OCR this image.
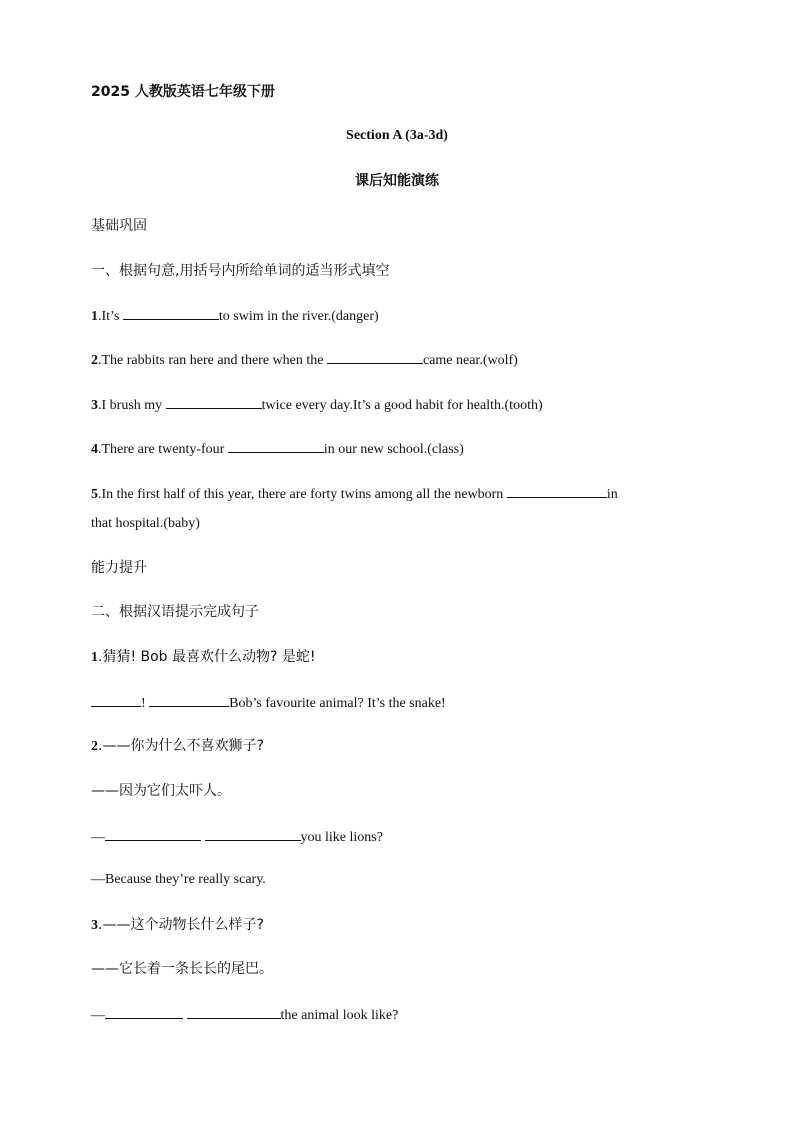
2025 人教版英语七年级下册
Section A (3a-3d)
课后知能演练
基础巩固
一、根据句意,用括号内所给单词的适当形式填空
1.It’s	to swim in the river.(danger)
2.The rabbits ran here and there when the	came near.(wolf)
3.I brush my	twice every day.It’s a good habit for health.(tooth)
4.There are twenty-four	in our new school.(class)
5.In the first half of this year, there are forty twins among all the newborn	in
that hospital.(baby)
能力提升
二、根据汉语提示完成句子
1.猜猜! Bob 最喜欢什么动物? 是蛇!
!	Bob’s favourite animal? It’s the snake!
2.——你为什么不喜欢狮子?
——因为它们太吓人。
—	you like lions?
—Because they’re really scary.
3.——这个动物长什么样子?
——它长着一条长长的尾巴。
—	the animal look like?
